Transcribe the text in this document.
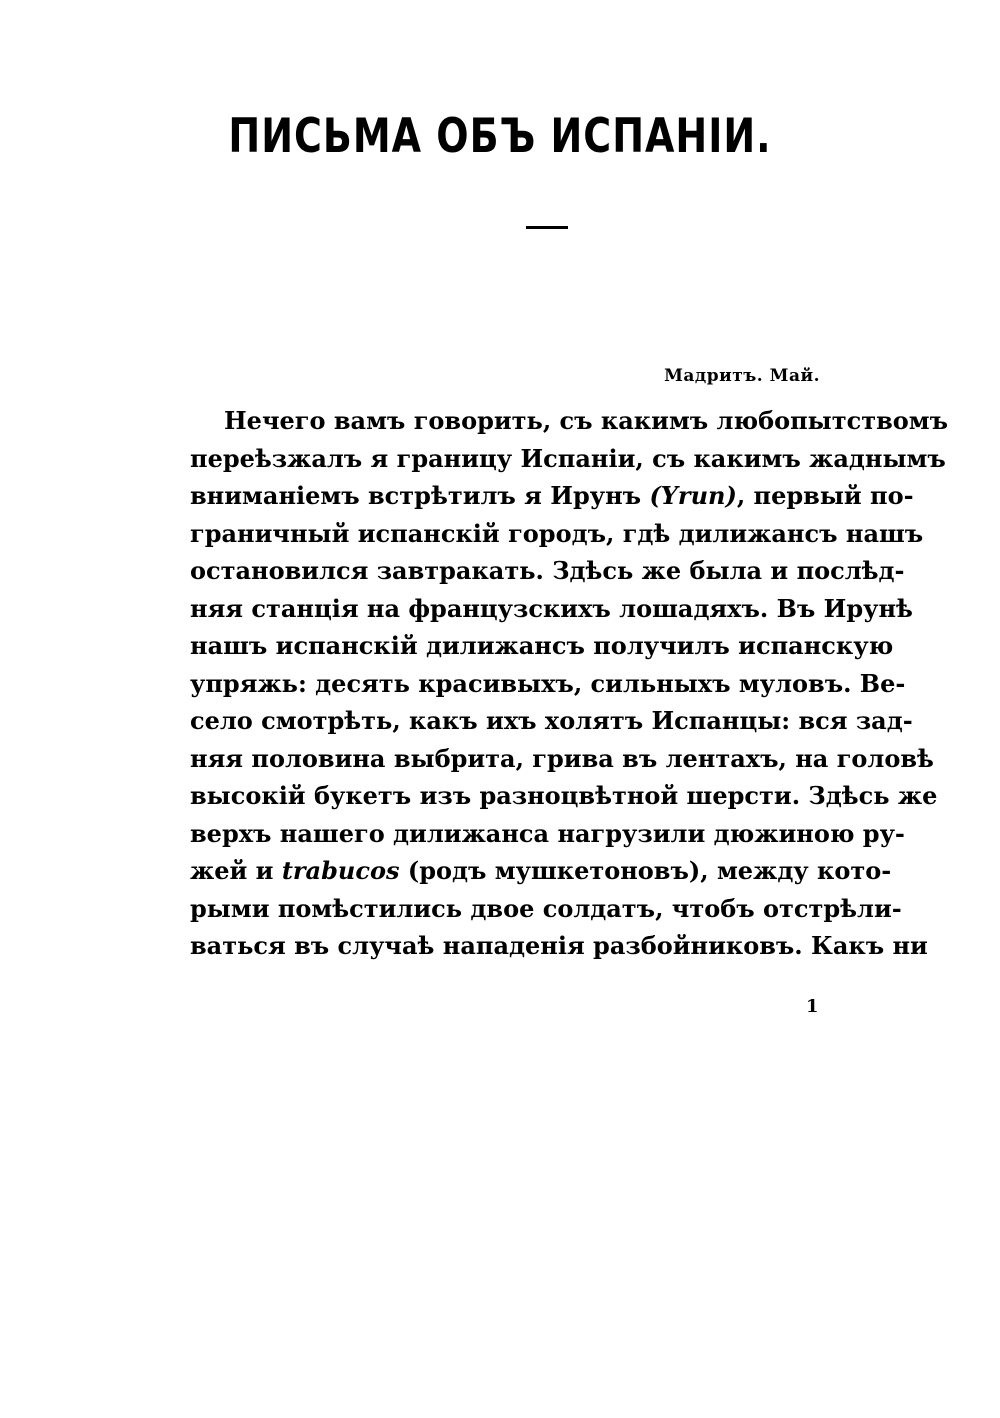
ПИСЬМА ОБЪ ИСПАНІИ.
Мадритъ. Май.
Нечего вамъ говорить, съ какимъ любопытствомъ
переѣзжалъ я границу Испаніи, съ какимъ жаднымъ
вниманіемъ встрѣтилъ я Ирунъ (Yrun), первый по-
граничный испанскій городъ, гдѣ дилижансъ нашъ
остановился завтракать. Здѣсь же была и послѣд-
няя станція на французскихъ лошадяхъ. Въ Ирунѣ
нашъ испанскій дилижансъ получилъ испанскую
упряжь: десять красивыхъ, сильныхъ муловъ. Ве-
село смотрѣть, какъ ихъ холятъ Испанцы: вся зад-
няя половина выбрита, грива въ лентахъ, на головѣ
высокій букетъ изъ разноцвѣтной шерсти. Здѣсь же
верхъ нашего дилижанса нагрузили дюжиною ру-
жей и trabucos (родъ мушкетоновъ), между кото-
рыми помѣстились двое солдатъ, чтобъ отстрѣли-
ваться въ случаѣ нападенія разбойниковъ. Какъ ни
1
